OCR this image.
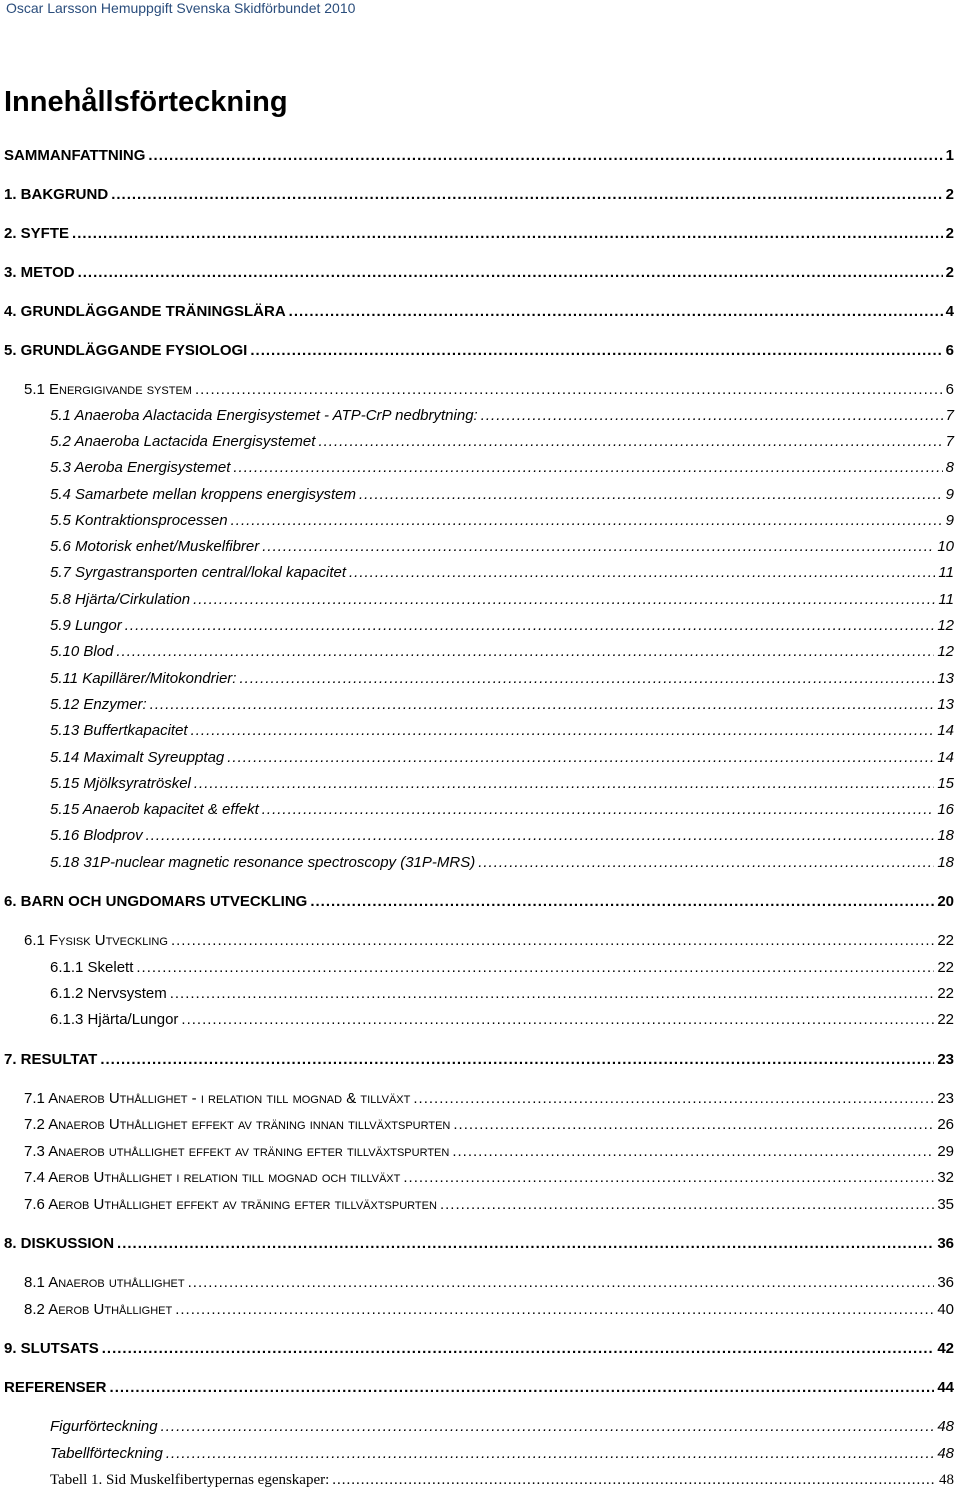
Oscar Larsson Hemuppgift Svenska Skidförbundet 2010
Innehållsförteckning
SAMMANFATTNING .....	1
1. BAKGRUND .....	2
2. SYFTE .....	2
3. METOD .....	2
4. GRUNDLÄGGANDE TRÄNINGSLÄRA .....	4
5. GRUNDLÄGGANDE FYSIOLOGI .....	6
5.1 Energigivande system .....	6
5.1 Anaeroba Alactacida Energisystemet - ATP-CrP nedbrytning: .....	7
5.2 Anaeroba Lactacida Energisystemet .....	7
5.3 Aeroba Energisystemet .....	8
5.4 Samarbete mellan kroppens energisystem .....	9
5.5 Kontraktionsprocessen .....	9
5.6 Motorisk enhet/Muskelfibrer .....	10
5.7 Syrgastransporten central/lokal kapacitet .....	11
5.8 Hjärta/Cirkulation .....	11
5.9 Lungor .....	12
5.10 Blod .....	12
5.11 Kapillärer/Mitokondrier: .....	13
5.12 Enzymer: .....	13
5.13 Buffertkapacitet .....	14
5.14 Maximalt Syreupptag .....	14
5.15 Mjölksyratröskel .....	15
5.15 Anaerob kapacitet & effekt .....	16
5.16 Blodprov .....	18
5.18 31P-nuclear magnetic resonance spectroscopy (31P-MRS) .....	18
6. BARN OCH UNGDOMARS UTVECKLING .....	20
6.1 Fysisk Utveckling .....	22
6.1.1 Skelett .....	22
6.1.2 Nervsystem .....	22
6.1.3 Hjärta/Lungor .....	22
7. RESULTAT .....	23
7.1 Anaerob Uthållighet - i relation till mognad & tillväxt .....	23
7.2 Anaerob Uthållighet effekt av träning innan tillväxtspurten .....	26
7.3 Anaerob uthållighet effekt av träning efter tillväxtspurten .....	29
7.4 Aerob Uthållighet i relation till mognad och tillväxt .....	32
7.6 Aerob Uthållighet effekt av träning efter tillväxtspurten .....	35
8. DISKUSSION .....	36
8.1 Anaerob uthållighet .....	36
8.2 Aerob Uthållighet .....	40
9. SLUTSATS .....	42
REFERENSER .....	44
Figurförteckning .....	48
Tabellförteckning .....	48
Tabell 1. Sid Muskelfibertypernas egenskaper: .....	48
